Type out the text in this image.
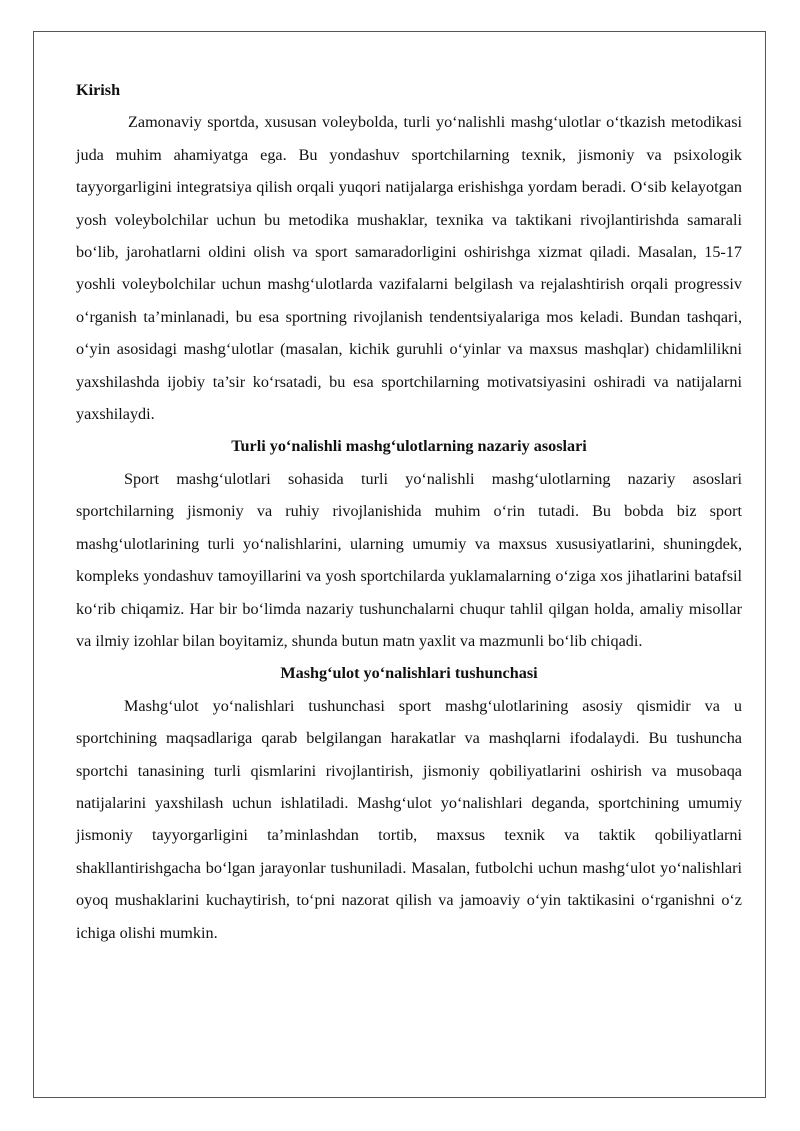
Kirish

Zamonaviy sportda, xususan voleybolda, turli yo‘nalishli mashg‘ulotlar o‘tkazish metodikasi juda muhim ahamiyatga ega. Bu yondashuv sportchilarning texnik, jismoniy va psixologik tayyorgarligini integratsiya qilish orqali yuqori natijalarga erishishga yordam beradi. O‘sib kelayotgan yosh voleybolchilar uchun bu metodika mushaklar, texnika va taktikani rivojlantirishda samarali bo‘lib, jarohatlarni oldini olish va sport samaradorligini oshirishga xizmat qiladi. Masalan, 15-17 yoshli voleybolchilar uchun mashg‘ulotlarda vazifalarni belgilash va rejalashtirish orqali progressiv o‘rganish ta’minlanadi, bu esa sportning rivojlanish tendentsiyalariga mos keladi. Bundan tashqari, o‘yin asosidagi mashg‘ulotlar (masalan, kichik guruhli o‘yinlar va maxsus mashqlar) chidamlilikni yaxshilashda ijobiy ta’sir ko‘rsatadi, bu esa sportchilarning motivatsiyasini oshiradi va natijalarni yaxshilaydi.

Turli yo‘nalishli mashg‘ulotlarning nazariy asoslari

Sport mashg‘ulotlari sohasida turli yo‘nalishli mashg‘ulotlarning nazariy asoslari sportchilarning jismoniy va ruhiy rivojlanishida muhim o‘rin tutadi. Bu bobda biz sport mashg‘ulotlarining turli yo‘nalishlarini, ularning umumiy va maxsus xususiyatlarini, shuningdek, kompleks yondashuv tamoyillarini va yosh sportchilarda yuklamalarning o‘ziga xos jihatlarini batafsil ko‘rib chiqamiz. Har bir bo‘limda nazariy tushunchalarni chuqur tahlil qilgan holda, amaliy misollar va ilmiy izohlar bilan boyitamiz, shunda butun matn yaxlit va mazmunli bo‘lib chiqadi.

Mashg‘ulot yo‘nalishlari tushunchasi

Mashg‘ulot yo‘nalishlari tushunchasi sport mashg‘ulotlarining asosiy qismidir va u sportchining maqsadlariga qarab belgilangan harakatlar va mashqlarni ifodalaydi. Bu tushuncha sportchi tanasining turli qismlarini rivojlantirish, jismoniy qobiliyatlarini oshirish va musobaqa natijalarini yaxshilash uchun ishlatiladi. Mashg‘ulot yo‘nalishlari deganda, sportchining umumiy jismoniy tayyorgarligini ta’minlashdan tortib, maxsus texnik va taktik qobiliyatlarni shakllantirishgacha bo‘lgan jarayonlar tushuniladi. Masalan, futbolchi uchun mashg‘ulot yo‘nalishlari oyoq mushaklarini kuchaytirish, to‘pni nazorat qilish va jamoaviy o‘yin taktikasini o‘rganishni o‘z ichiga olishi mumkin.
